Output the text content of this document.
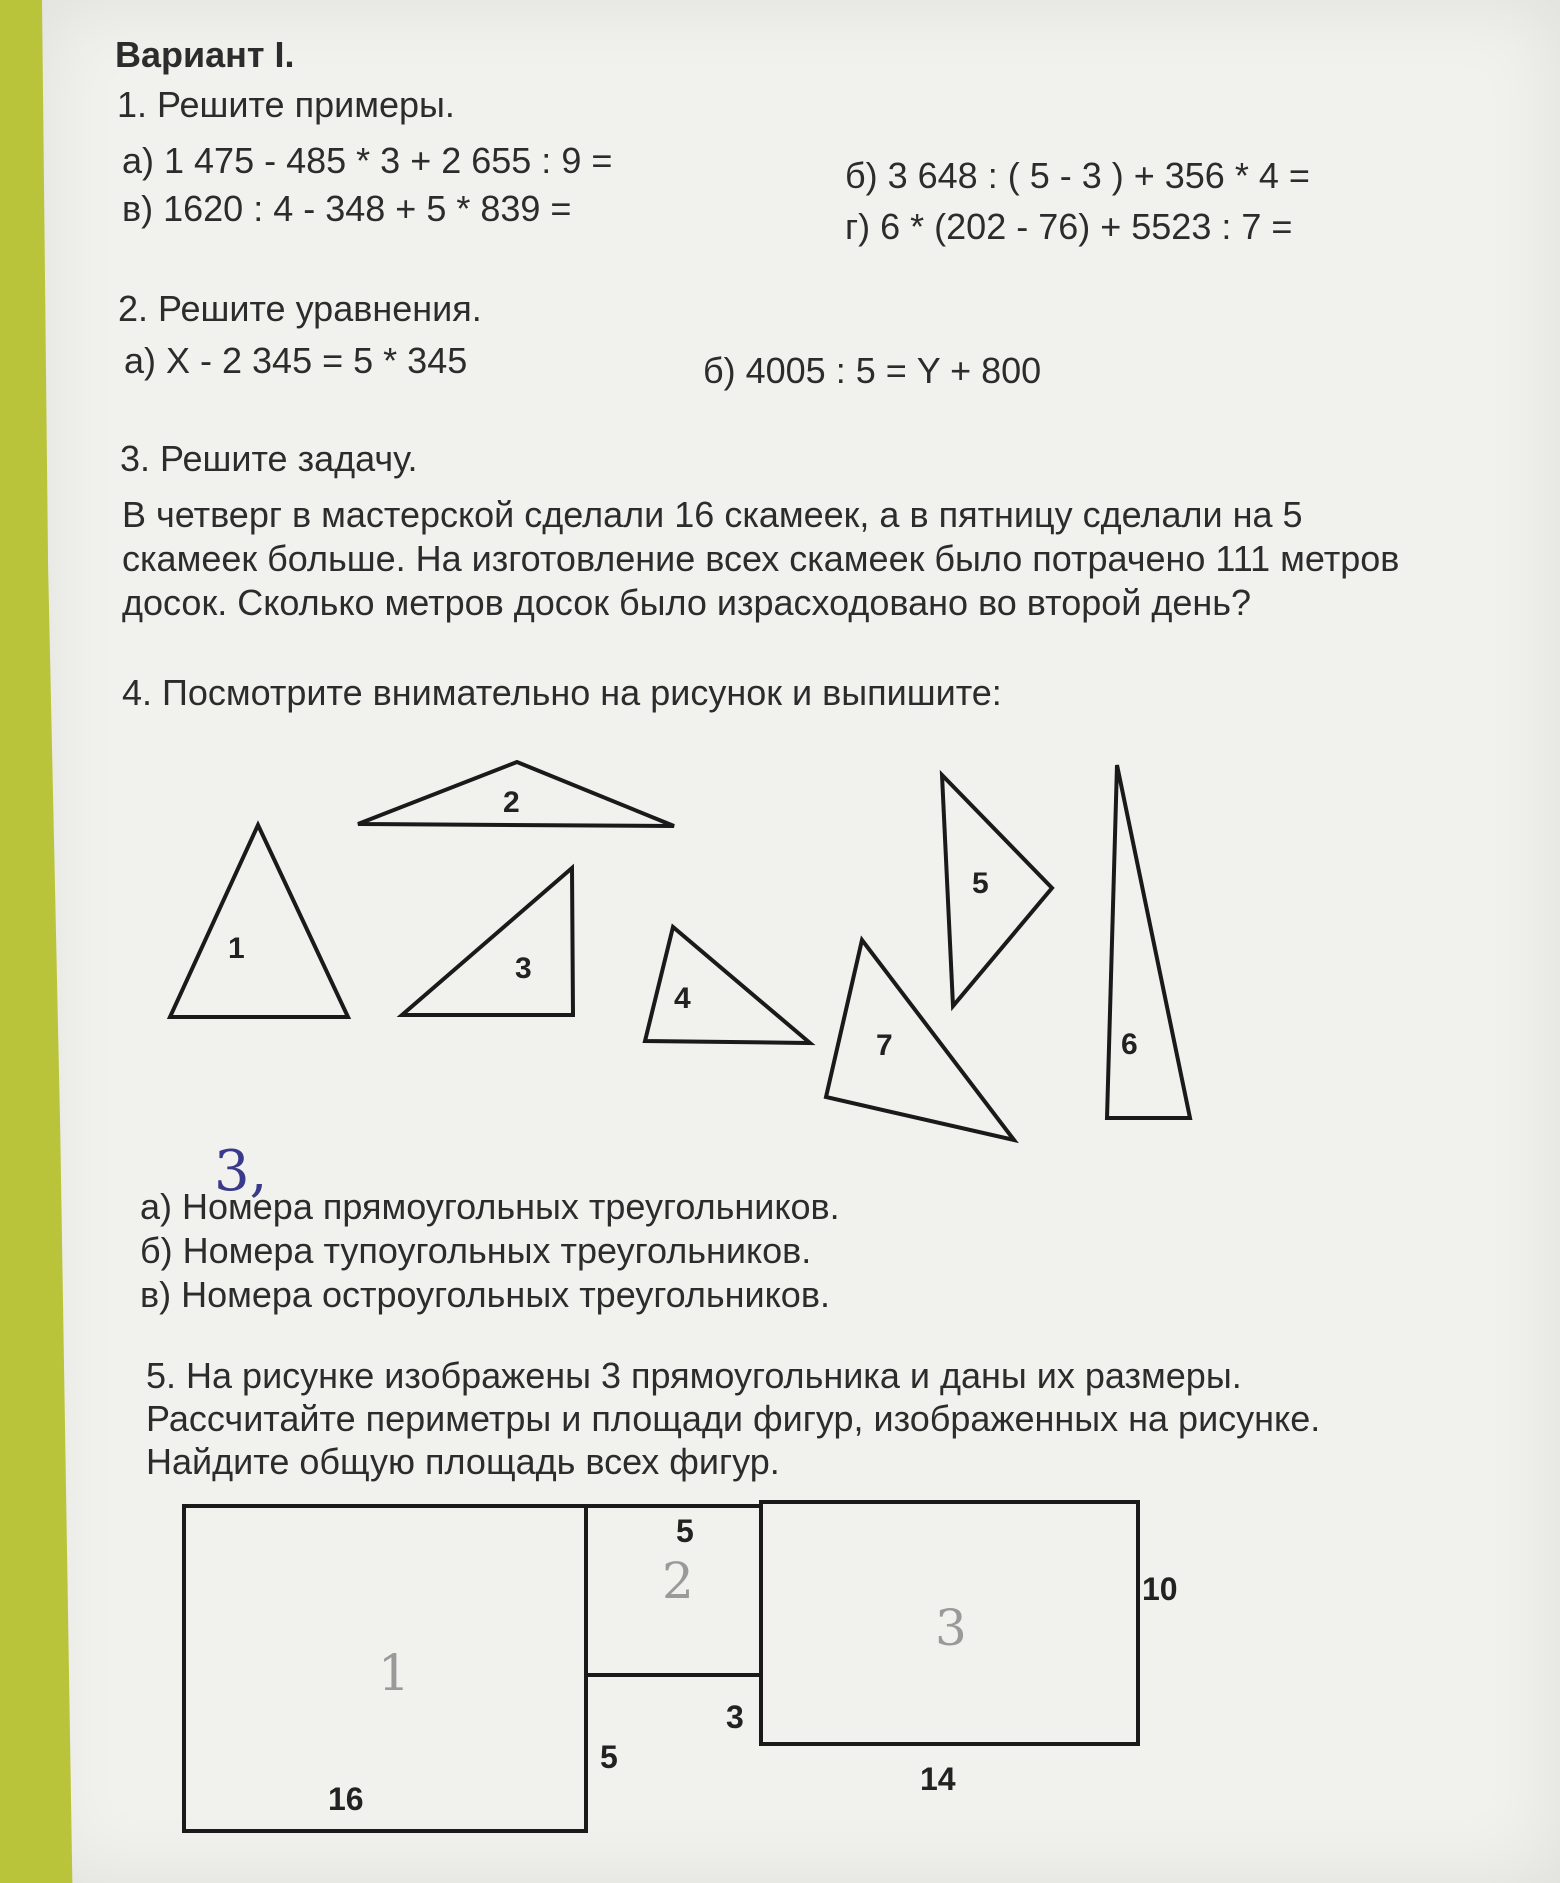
Вариант I.
1. Решите примеры.
а) 1 475 - 485 * 3 + 2 655 : 9 =	б) 3 648 : ( 5 - 3 ) + 356 * 4 =
в) 1620 : 4 - 348 + 5 * 839 =	г) 6 * (202 - 76) + 5523 : 7 =
2. Решите уравнения.
а) Х - 2 345 = 5 * 345	б) 4005 : 5 = Y + 800
3. Решите задачу.
В четверг в мастерской сделали 16 скамеек, а в пятницу сделали на 5
скамеек больше. На изготовление всех скамеек было потрачено 111 метров
досок. Сколько метров досок было израсходовано во второй день?
4. Посмотрите внимательно на рисунок и выпишите:
1
2
3
4
5
6
7
3,
а) Номера прямоугольных треугольников.
б) Номера тупоугольных треугольников.
в) Номера остроугольных треугольников.
5. На рисунке изображены 3 прямоугольника и даны их размеры.
Рассчитайте периметры и площади фигур, изображенных на рисунке.
Найдите общую площадь всех фигур.
1
2
3
16
5
5
3
10
14
